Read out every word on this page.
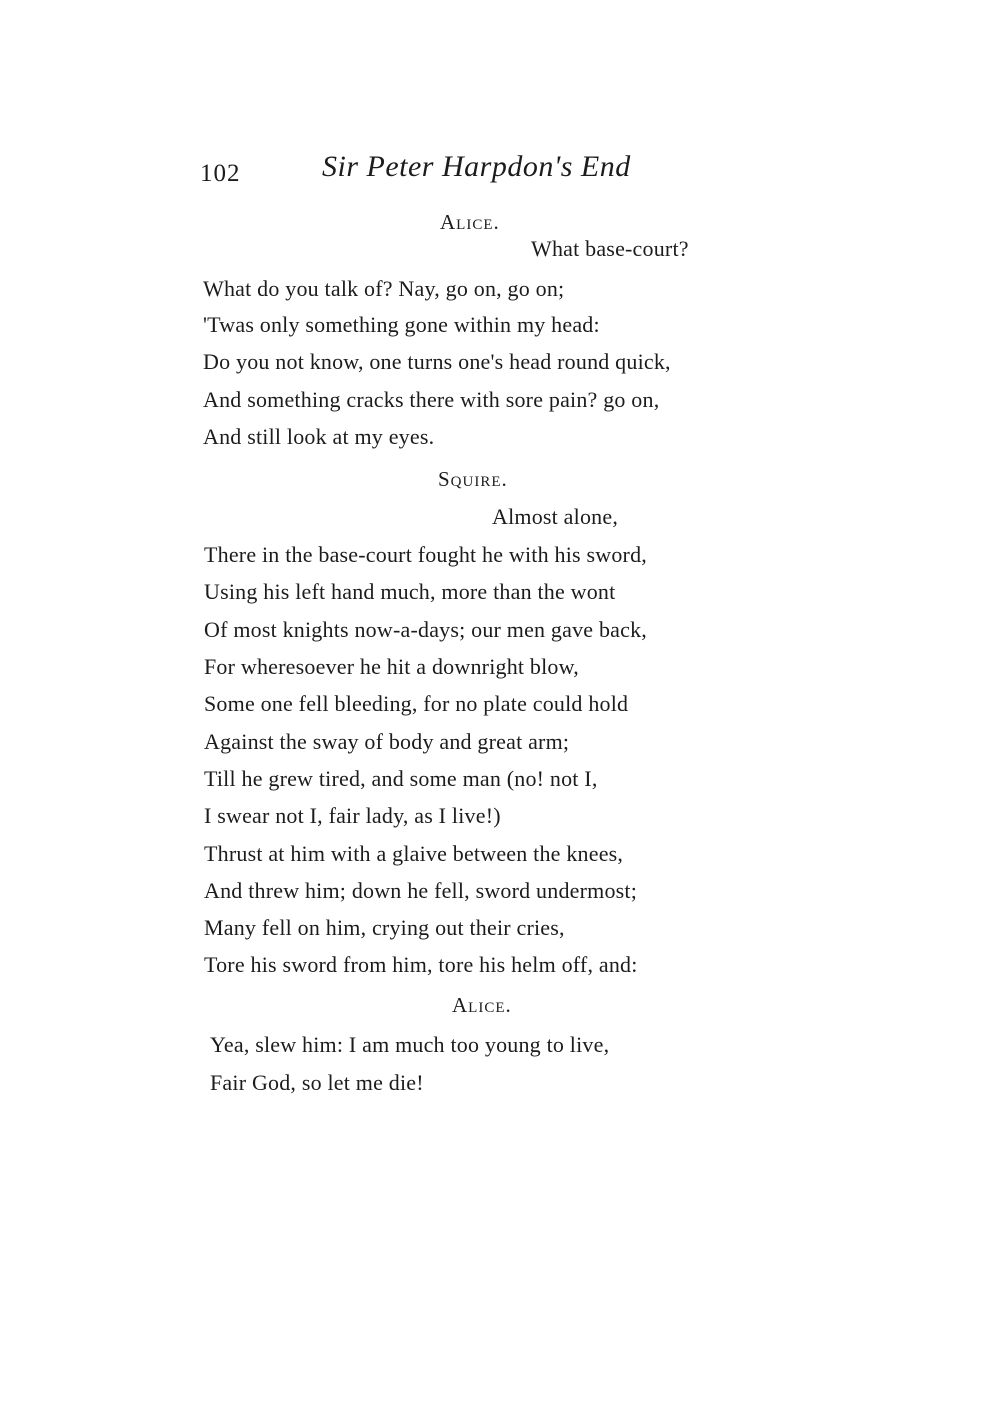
102	Sir Peter Harpdon's End
Alice.
What base-court?
What do you talk of? Nay, go on, go on;
'Twas only something gone within my head:
Do you not know, one turns one's head round quick,
And something cracks there with sore pain? go on,
And still look at my eyes.
Squire.
Almost alone,
There in the base-court fought he with his sword,
Using his left hand much, more than the wont
Of most knights now-a-days; our men gave back,
For wheresoever he hit a downright blow,
Some one fell bleeding, for no plate could hold
Against the sway of body and great arm;
Till he grew tired, and some man (no! not I,
I swear not I, fair lady, as I live!)
Thrust at him with a glaive between the knees,
And threw him; down he fell, sword undermost;
Many fell on him, crying out their cries,
Tore his sword from him, tore his helm off, and:
Alice.
Yea, slew him: I am much too young to live,
Fair God, so let me die!
